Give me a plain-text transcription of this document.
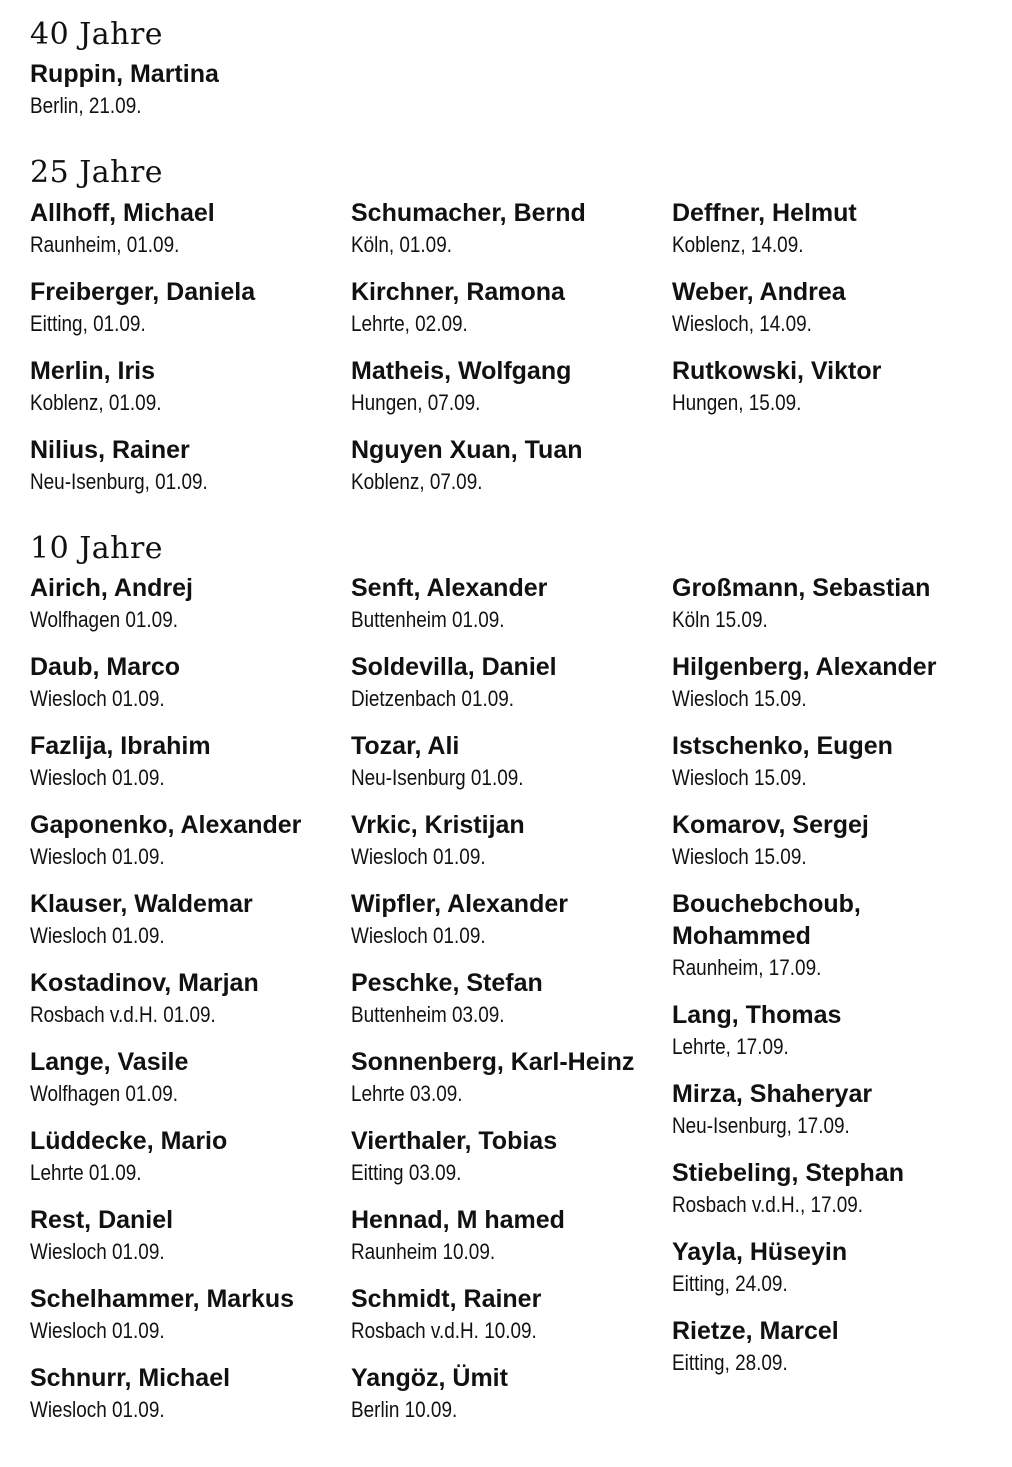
40 Jahre
Ruppin, Martina
Berlin, 21.09.
25 Jahre
Allhoff, Michael
Raunheim, 01.09.
Freiberger, Daniela
Eitting, 01.09.
Merlin, Iris
Koblenz, 01.09.
Nilius, Rainer
Neu-Isenburg, 01.09.
Schumacher, Bernd
Köln, 01.09.
Kirchner, Ramona
Lehrte, 02.09.
Matheis, Wolfgang
Hungen, 07.09.
Nguyen Xuan, Tuan
Koblenz, 07.09.
Deffner, Helmut
Koblenz, 14.09.
Weber, Andrea
Wiesloch, 14.09.
Rutkowski, Viktor
Hungen, 15.09.
10 Jahre
Airich, Andrej
Wolfhagen 01.09.
Daub, Marco
Wiesloch 01.09.
Fazlija, Ibrahim
Wiesloch 01.09.
Gaponenko, Alexander
Wiesloch 01.09.
Klauser, Waldemar
Wiesloch 01.09.
Kostadinov, Marjan
Rosbach v.d.H. 01.09.
Lange, Vasile
Wolfhagen 01.09.
Lüddecke, Mario
Lehrte 01.09.
Rest, Daniel
Wiesloch 01.09.
Schelhammer, Markus
Wiesloch 01.09.
Schnurr, Michael
Wiesloch 01.09.
Senft, Alexander
Buttenheim 01.09.
Soldevilla, Daniel
Dietzenbach 01.09.
Tozar, Ali
Neu-Isenburg 01.09.
Vrkic, Kristijan
Wiesloch 01.09.
Wipfler, Alexander
Wiesloch 01.09.
Peschke, Stefan
Buttenheim 03.09.
Sonnenberg, Karl-Heinz
Lehrte 03.09.
Vierthaler, Tobias
Eitting 03.09.
Hennad, M hamed
Raunheim 10.09.
Schmidt, Rainer
Rosbach v.d.H. 10.09.
Yangöz, Ümit
Berlin 10.09.
Großmann, Sebastian
Köln 15.09.
Hilgenberg, Alexander
Wiesloch 15.09.
Istschenko, Eugen
Wiesloch 15.09.
Komarov, Sergej
Wiesloch 15.09.
Bouchebchoub, Mohammed
Raunheim, 17.09.
Lang, Thomas
Lehrte, 17.09.
Mirza, Shaheryar
Neu-Isenburg, 17.09.
Stiebeling, Stephan
Rosbach v.d.H., 17.09.
Yayla, Hüseyin
Eitting, 24.09.
Rietze, Marcel
Eitting, 28.09.
